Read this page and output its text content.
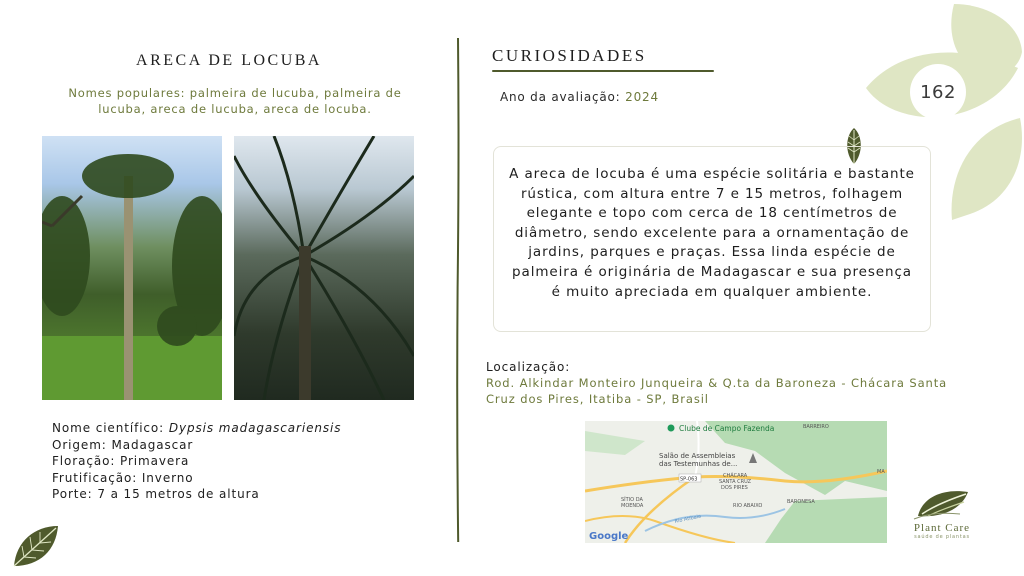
162
ARECA DE LOCUBA
Nomes populares: palmeira de lucuba, palmeira de lucuba, areca de lucuba, areca de locuba.
Nome científico: Dypsis madagascariensis
Origem: Madagascar
Floração: Primavera
Frutificação: Inverno
Porte: 7 a 15 metros de altura
CURIOSIDADES
Ano da avaliação: 2024

A areca de locuba é uma espécie solitária e bastante rústica, com altura entre 7 e 15 metros, folhagem elegante e topo com cerca de 18 centímetros de diâmetro, sendo excelente para a ornamentação de jardins, parques e praças. Essa linda espécie de palmeira é originária de Madagascar e sua presença é muito apreciada em qualquer ambiente.

Localização:
Rod. Alkindar Monteiro Junqueira & Q.ta da Baroneza - Chácara Santa Cruz dos Pires, Itatiba - SP, Brasil
Clube de Campo Fazenda	BARREIRO
Salão de Assembleias
das Testemunhas de...
SP-063
CHÁCARA
SANTA CRUZ
DOS PIRES
SÍTIO DA
MOENDA	RIO ABAIXO
BARONESA
Rio Atibaia
MA
Google
Plant Care
saúde de plantas
